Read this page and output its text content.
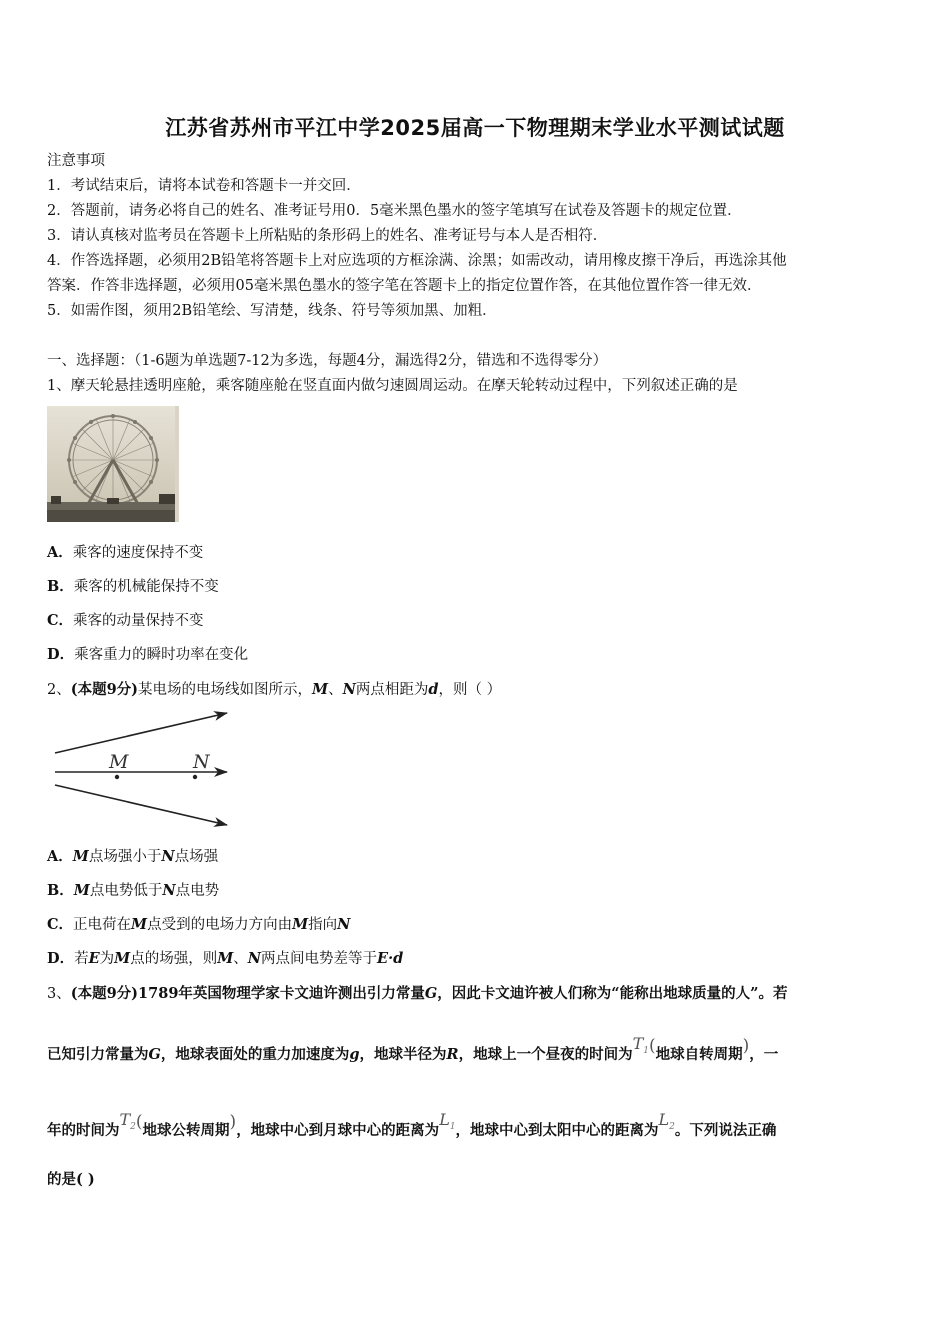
江苏省苏州市平江中学2025届高一下物理期末学业水平测试试题
注意事项
1．考试结束后，请将本试卷和答题卡一并交回．
2．答题前，请务必将自己的姓名、准考证号用0．5毫米黑色墨水的签字笔填写在试卷及答题卡的规定位置．
3．请认真核对监考员在答题卡上所粘贴的条形码上的姓名、准考证号与本人是否相符．
4．作答选择题，必须用2B铅笔将答题卡上对应选项的方框涂满、涂黑；如需改动，请用橡皮擦干净后，再选涂其他
答案．作答非选择题，必须用05毫米黑色墨水的签字笔在答题卡上的指定位置作答，在其他位置作答一律无效．
5．如需作图，须用2B铅笔绘、写清楚，线条、符号等须加黑、加粗．
一、选择题：（1-6题为单选题7-12为多选，每题4分，漏选得2分，错选和不选得零分）
1、摩天轮悬挂透明座舱，乘客随座舱在竖直面内做匀速圆周运动。在摩天轮转动过程中，下列叙述正确的是
A．乘客的速度保持不变
B．乘客的机械能保持不变
C．乘客的动量保持不变
D．乘客重力的瞬时功率在变化
2、(本题9分)某电场的电场线如图所示，M、N两点相距为d，则（ ）
M	N
A．M点场强小于N点场强
B．M点电势低于N点电势
C．正电荷在M点受到的电场力方向由M指向N
D．若E为M点的场强，则M、N两点间电势差等于E·d
3、(本题9分)1789年英国物理学家卡文迪许测出引力常量G，因此卡文迪许被人们称为“能称出地球质量的人”。若
已知引力常量为G，地球表面处的重力加速度为g，地球半径为R，地球上一个昼夜的时间为$T_1$(地球自转周期)，一
年的时间为$T_2$(地球公转周期)，地球中心到月球中心的距离为$L_1$，地球中心到太阳中心的距离为$L_2$。下列说法正确
的是( )
